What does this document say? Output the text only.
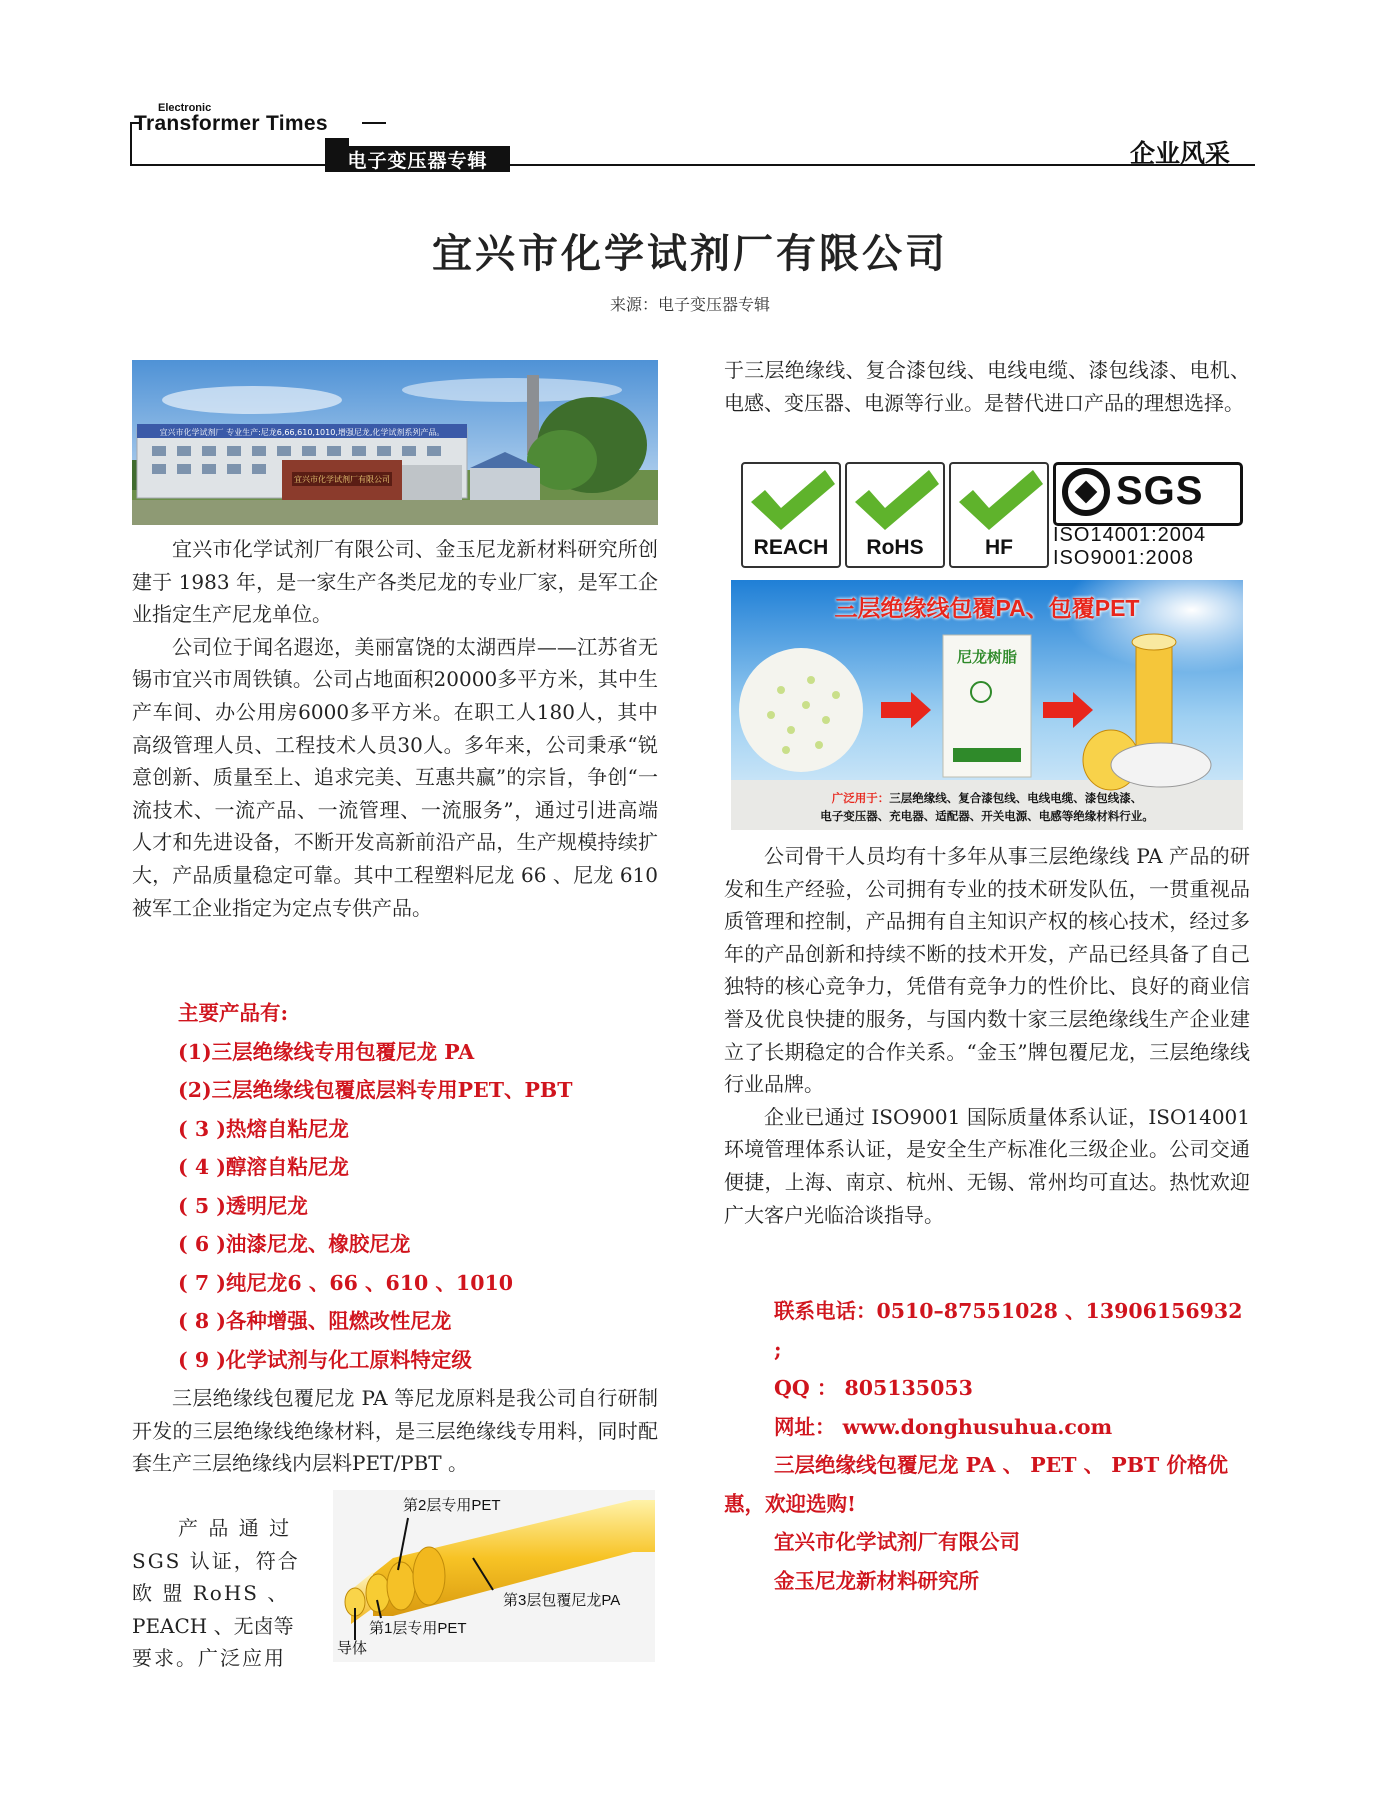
Electronic
Transformer Times
电子变压器专辑	企业风采
宜兴市化学试剂厂有限公司
来源：电子变压器专辑
宜兴市化学试剂厂 专业生产:尼龙6,66,610,1010,增强尼龙,化学试剂系列产品。
宜兴市化学试剂厂有限公司

宜兴市化学试剂厂有限公司、金玉尼龙新材料研究所创建于 1983 年，是一家生产各类尼龙的专业厂家，是军工企业指定生产尼龙单位。

公司位于闻名遐迩，美丽富饶的太湖西岸——江苏省无锡市宜兴市周铁镇。公司占地面积20000多平方米，其中生产车间、办公用房6000多平方米。在职工人180人，其中高级管理人员、工程技术人员30人。多年来，公司秉承“锐意创新、质量至上、追求完美、互惠共赢”的宗旨，争创“一流技术、一流产品、一流管理、一流服务”，通过引进高端人才和先进设备，不断开发高新前沿产品，生产规模持续扩大，产品质量稳定可靠。其中工程塑料尼龙 66 、尼龙 610 被军工企业指定为定点专供产品。

主要产品有:

(1)三层绝缘线专用包覆尼龙 PA

(2)三层绝缘线包覆底层料专用PET、PBT

( 3 )热熔自粘尼龙

( 4 )醇溶自粘尼龙

( 5 )透明尼龙

( 6 )油漆尼龙、橡胶尼龙

( 7 )纯尼龙6 、66 、610 、1010

( 8 )各种增强、阻燃改性尼龙

( 9 )化学试剂与化工原料特定级

三层绝缘线包覆尼龙 PA 等尼龙原料是我公司自行研制开发的三层绝缘线绝缘材料，是三层绝缘线专用料，同时配套生产三层绝缘线内层料PET/PBT 。

产 品 通 过

SGS 认证，符合

欧 盟 RoHS 、

PEACH 、无卤等

要求。广泛应用

第2层专用PET
第3层包覆尼龙PA
第1层专用PET
导体

于三层绝缘线、复合漆包线、电线电缆、漆包线漆、电机、电感、变压器、电源等行业。是替代进口产品的理想选择。

REACH	RoHS	HF
SGS
ISO14001:2004
ISO9001:2008
尼龙树脂
三层绝缘线包覆PA、包覆PET
广泛用于：三层绝缘线、复合漆包线、电线电缆、漆包线漆、
电子变压器、充电器、适配器、开关电源、电感等绝缘材料行业。

公司骨干人员均有十多年从事三层绝缘线 PA 产品的研发和生产经验，公司拥有专业的技术研发队伍，一贯重视品质管理和控制，产品拥有自主知识产权的核心技术，经过多年的产品创新和持续不断的技术开发，产品已经具备了自己独特的核心竞争力，凭借有竞争力的性价比、良好的商业信誉及优良快捷的服务，与国内数十家三层绝缘线生产企业建立了长期稳定的合作关系。“金玉”牌包覆尼龙，三层绝缘线行业品牌。

企业已通过 ISO9001 国际质量体系认证，ISO14001 环境管理体系认证，是安全生产标准化三级企业。公司交通便捷，上海、南京、杭州、无锡、常州均可直达。热忱欢迎广大客户光临洽谈指导。

联系电话：0510–87551028 、13906156932 ;

QQ ： 805135053

网址： www.donghusuhua.com

三层绝缘线包覆尼龙 PA 、 PET 、 PBT 价格优惠，欢迎选购!

宜兴市化学试剂厂有限公司

金玉尼龙新材料研究所
